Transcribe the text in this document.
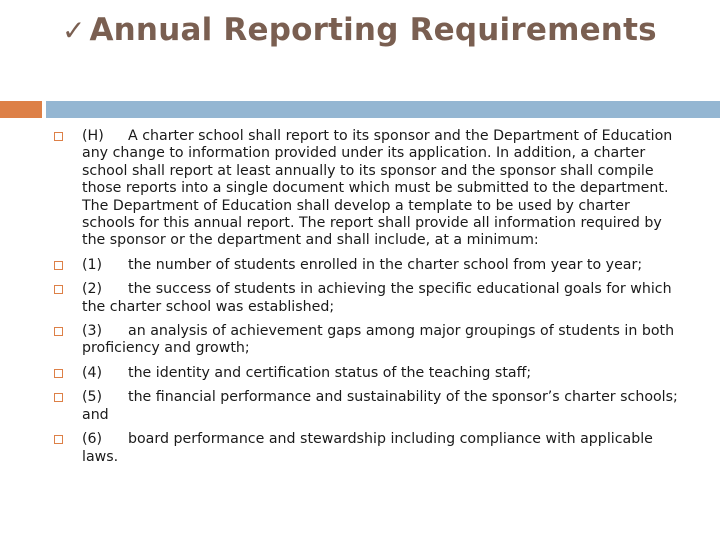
✓ Annual Reporting Requirements
(H) A charter school shall report to its sponsor and the Department of Education any change to information provided under its application. In addition, a charter school shall report at least annually to its sponsor and the sponsor shall compile those reports into a single document which must be submitted to the department. The Department of Education shall develop a template to be used by charter schools for this annual report. The report shall provide all information required by the sponsor or the department and shall include, at a minimum:
(1) the number of students enrolled in the charter school from year to year;
(2) the success of students in achieving the specific educational goals for which the charter school was established;
(3) an analysis of achievement gaps among major groupings of students in both proficiency and growth;
(4) the identity and certification status of the teaching staff;
(5) the financial performance and sustainability of the sponsor’s charter schools; and
(6) board performance and stewardship including compliance with applicable laws.
